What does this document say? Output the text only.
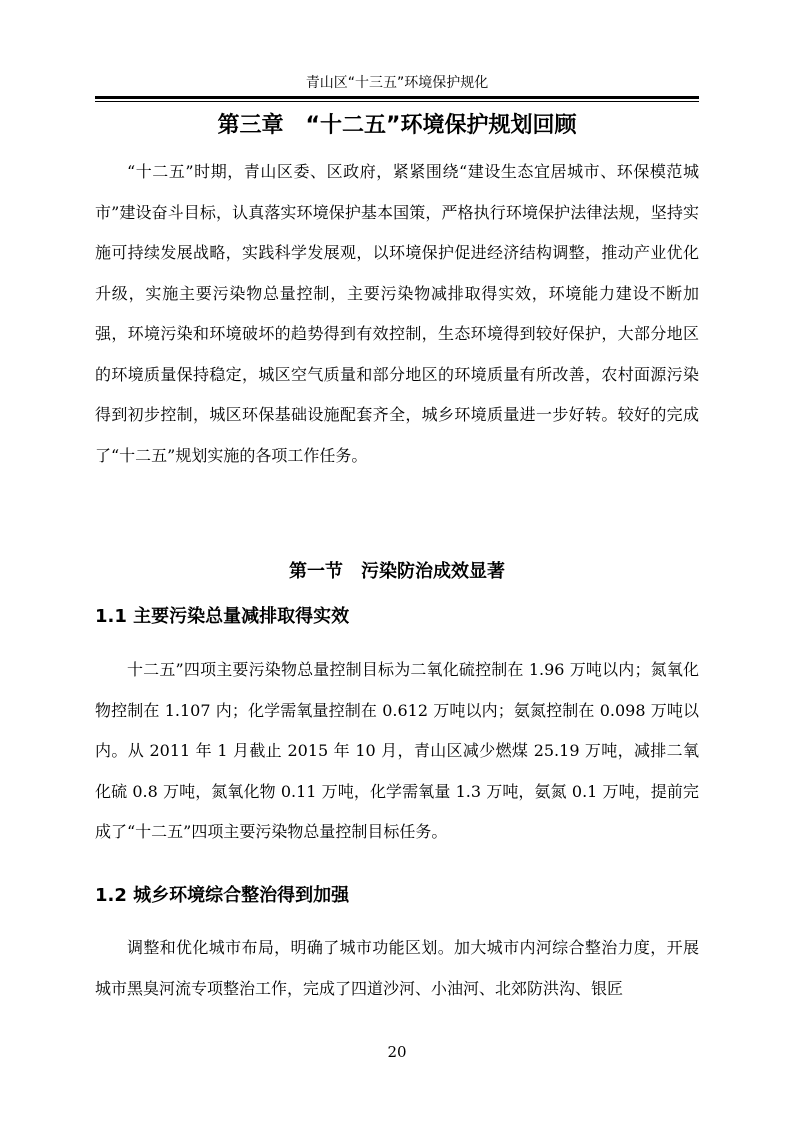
青山区“十三五”环境保护规化
第三章　“十二五”环境保护规划回顾

“十二五”时期，青山区委、区政府，紧紧围绕“建设生态宜居城市、环保模范城市”建设奋斗目标，认真落实环境保护基本国策，严格执行环境保护法律法规，坚持实施可持续发展战略，实践科学发展观，以环境保护促进经济结构调整，推动产业优化升级，实施主要污染物总量控制，主要污染物减排取得实效，环境能力建设不断加强，环境污染和环境破坏的趋势得到有效控制，生态环境得到较好保护，大部分地区的环境质量保持稳定，城区空气质量和部分地区的环境质量有所改善，农村面源污染得到初步控制，城区环保基础设施配套齐全，城乡环境质量进一步好转。较好的完成了“十二五”规划实施的各项工作任务。

第一节　污染防治成效显著
1.1 主要污染总量减排取得实效

十二五”四项主要污染物总量控制目标为二氧化硫控制在 1.96 万吨以内；氮氧化物控制在 1.107 内；化学需氧量控制在 0.612 万吨以内；氨氮控制在 0.098 万吨以内。从 2011 年 1 月截止 2015 年 10 月，青山区减少燃煤 25.19 万吨，减排二氧化硫 0.8 万吨，氮氧化物 0.11 万吨，化学需氧量 1.3 万吨，氨氮 0.1 万吨，提前完成了“十二五”四项主要污染物总量控制目标任务。

1.2 城乡环境综合整治得到加强

调整和优化城市布局，明确了城市功能区划。加大城市内河综合整治力度，开展城市黑臭河流专项整治工作，完成了四道沙河、小油河、北郊防洪沟、银匠

20
